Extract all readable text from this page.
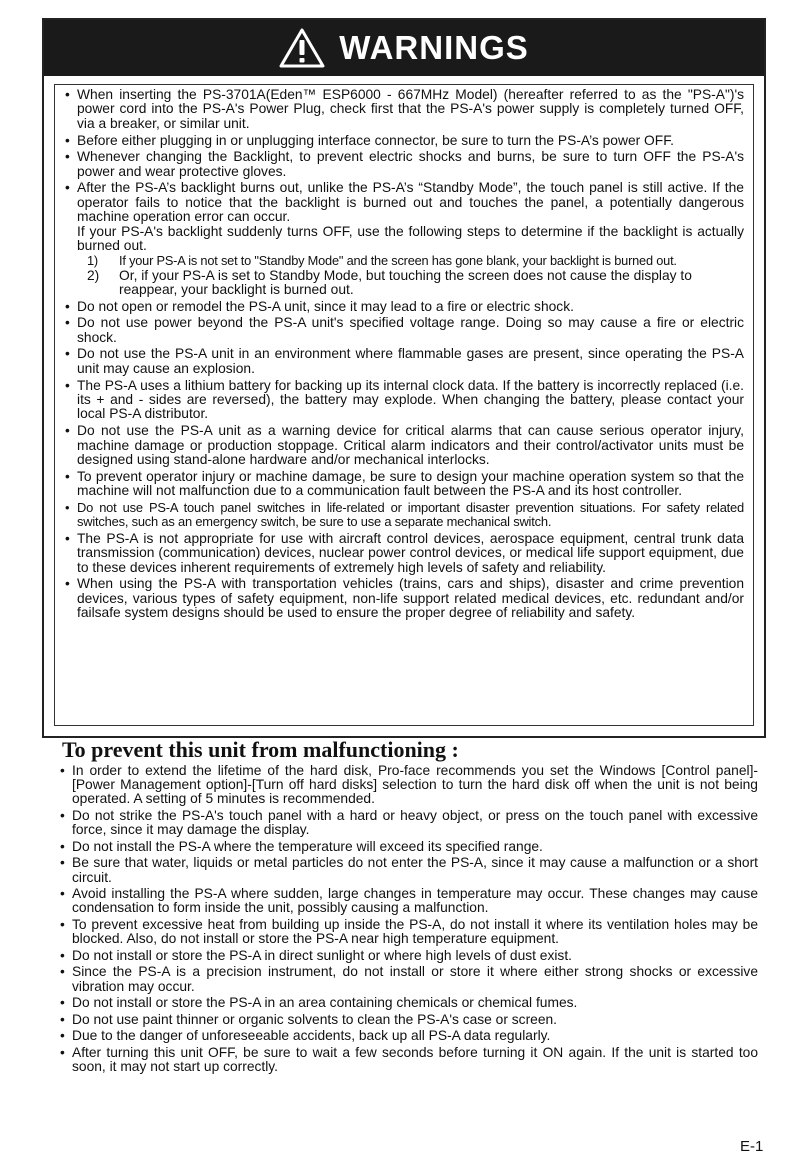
WARNINGS
• When inserting the PS-3701A(Eden™ ESP6000 - 667MHz Model) (hereafter referred to as the "PS-A")'s power cord into the PS-A's Power Plug, check first that the PS-A's power supply is completely turned OFF, via a breaker, or similar unit.
• Before either plugging in or unplugging interface connector, be sure to turn the PS-A’s power OFF.
• Whenever changing the Backlight, to prevent electric shocks and burns, be sure to turn OFF the PS-A's power and wear protective gloves.
• After the PS-A’s backlight burns out, unlike the PS-A’s “Standby Mode”, the touch panel is still active. If the operator fails to notice that the backlight is burned out and touches the panel, a potentially dangerous machine operation error can occur.
If your PS-A's backlight suddenly turns OFF, use the following steps to determine if the backlight is actually burned out.
1) If your PS-A is not set to "Standby Mode" and the screen has gone blank, your backlight is burned out.
2) Or, if your PS-A is set to Standby Mode, but touching the screen does not cause the display to reappear, your backlight is burned out.
• Do not open or remodel the PS-A unit, since it may lead to a fire or electric shock.
• Do not use power beyond the PS-A unit's specified voltage range. Doing so may cause a fire or electric shock.
• Do not use the PS-A unit in an environment where flammable gases are present, since operating the PS-A unit may cause an explosion.
• The PS-A uses a lithium battery for backing up its internal clock data. If the battery is incorrectly replaced (i.e. its + and - sides are reversed), the battery may explode. When changing the battery, please contact your local PS-A distributor.
• Do not use the PS-A unit as a warning device for critical alarms that can cause serious operator injury, machine damage or production stoppage. Critical alarm indicators and their control/activator units must be designed using stand-alone hardware and/or mechanical interlocks.
• To prevent operator injury or machine damage, be sure to design your machine operation system so that the machine will not malfunction due to a communication fault between the PS-A and its host controller.
• Do not use PS-A touch panel switches in life-related or important disaster prevention situations. For safety related switches, such as an emergency switch, be sure to use a separate mechanical switch.
• The PS-A is not appropriate for use with aircraft control devices, aerospace equipment, central trunk data transmission (communication) devices, nuclear power control devices, or medical life support equipment, due to these devices inherent requirements of extremely high levels of safety and reliability.
• When using the PS-A with transportation vehicles (trains, cars and ships), disaster and crime prevention devices, various types of safety equipment, non-life support related medical devices, etc. redundant and/or failsafe system designs should be used to ensure the proper degree of reliability and safety.
To prevent this unit from malfunctioning :
• In order to extend the lifetime of the hard disk, Pro-face recommends you set the Windows [Control panel]-[Power Management option]-[Turn off hard disks] selection to turn the hard disk off when the unit is not being operated. A setting of 5 minutes is recommended.
• Do not strike the PS-A's touch panel with a hard or heavy object, or press on the touch panel with excessive force, since it may damage the display.
• Do not install the PS-A where the temperature will exceed its specified range.
• Be sure that water, liquids or metal particles do not enter the PS-A, since it may cause a malfunction or a short circuit.
• Avoid installing the PS-A where sudden, large changes in temperature may occur. These changes may cause condensation to form inside the unit, possibly causing a malfunction.
• To prevent excessive heat from building up inside the PS-A, do not install it where its ventilation holes may be blocked. Also, do not install or store the PS-A near high temperature equipment.
• Do not install or store the PS-A in direct sunlight or where high levels of dust exist.
• Since the PS-A is a precision instrument, do not install or store it where either strong shocks or excessive vibration may occur.
• Do not install or store the PS-A in an area containing chemicals or chemical fumes.
• Do not use paint thinner or organic solvents to clean the PS-A's case or screen.
• Due to the danger of unforeseeable accidents, back up all PS-A data regularly.
• After turning this unit OFF, be sure to wait a few seconds before turning it ON again. If the unit is started too soon, it may not start up correctly.
E-1
